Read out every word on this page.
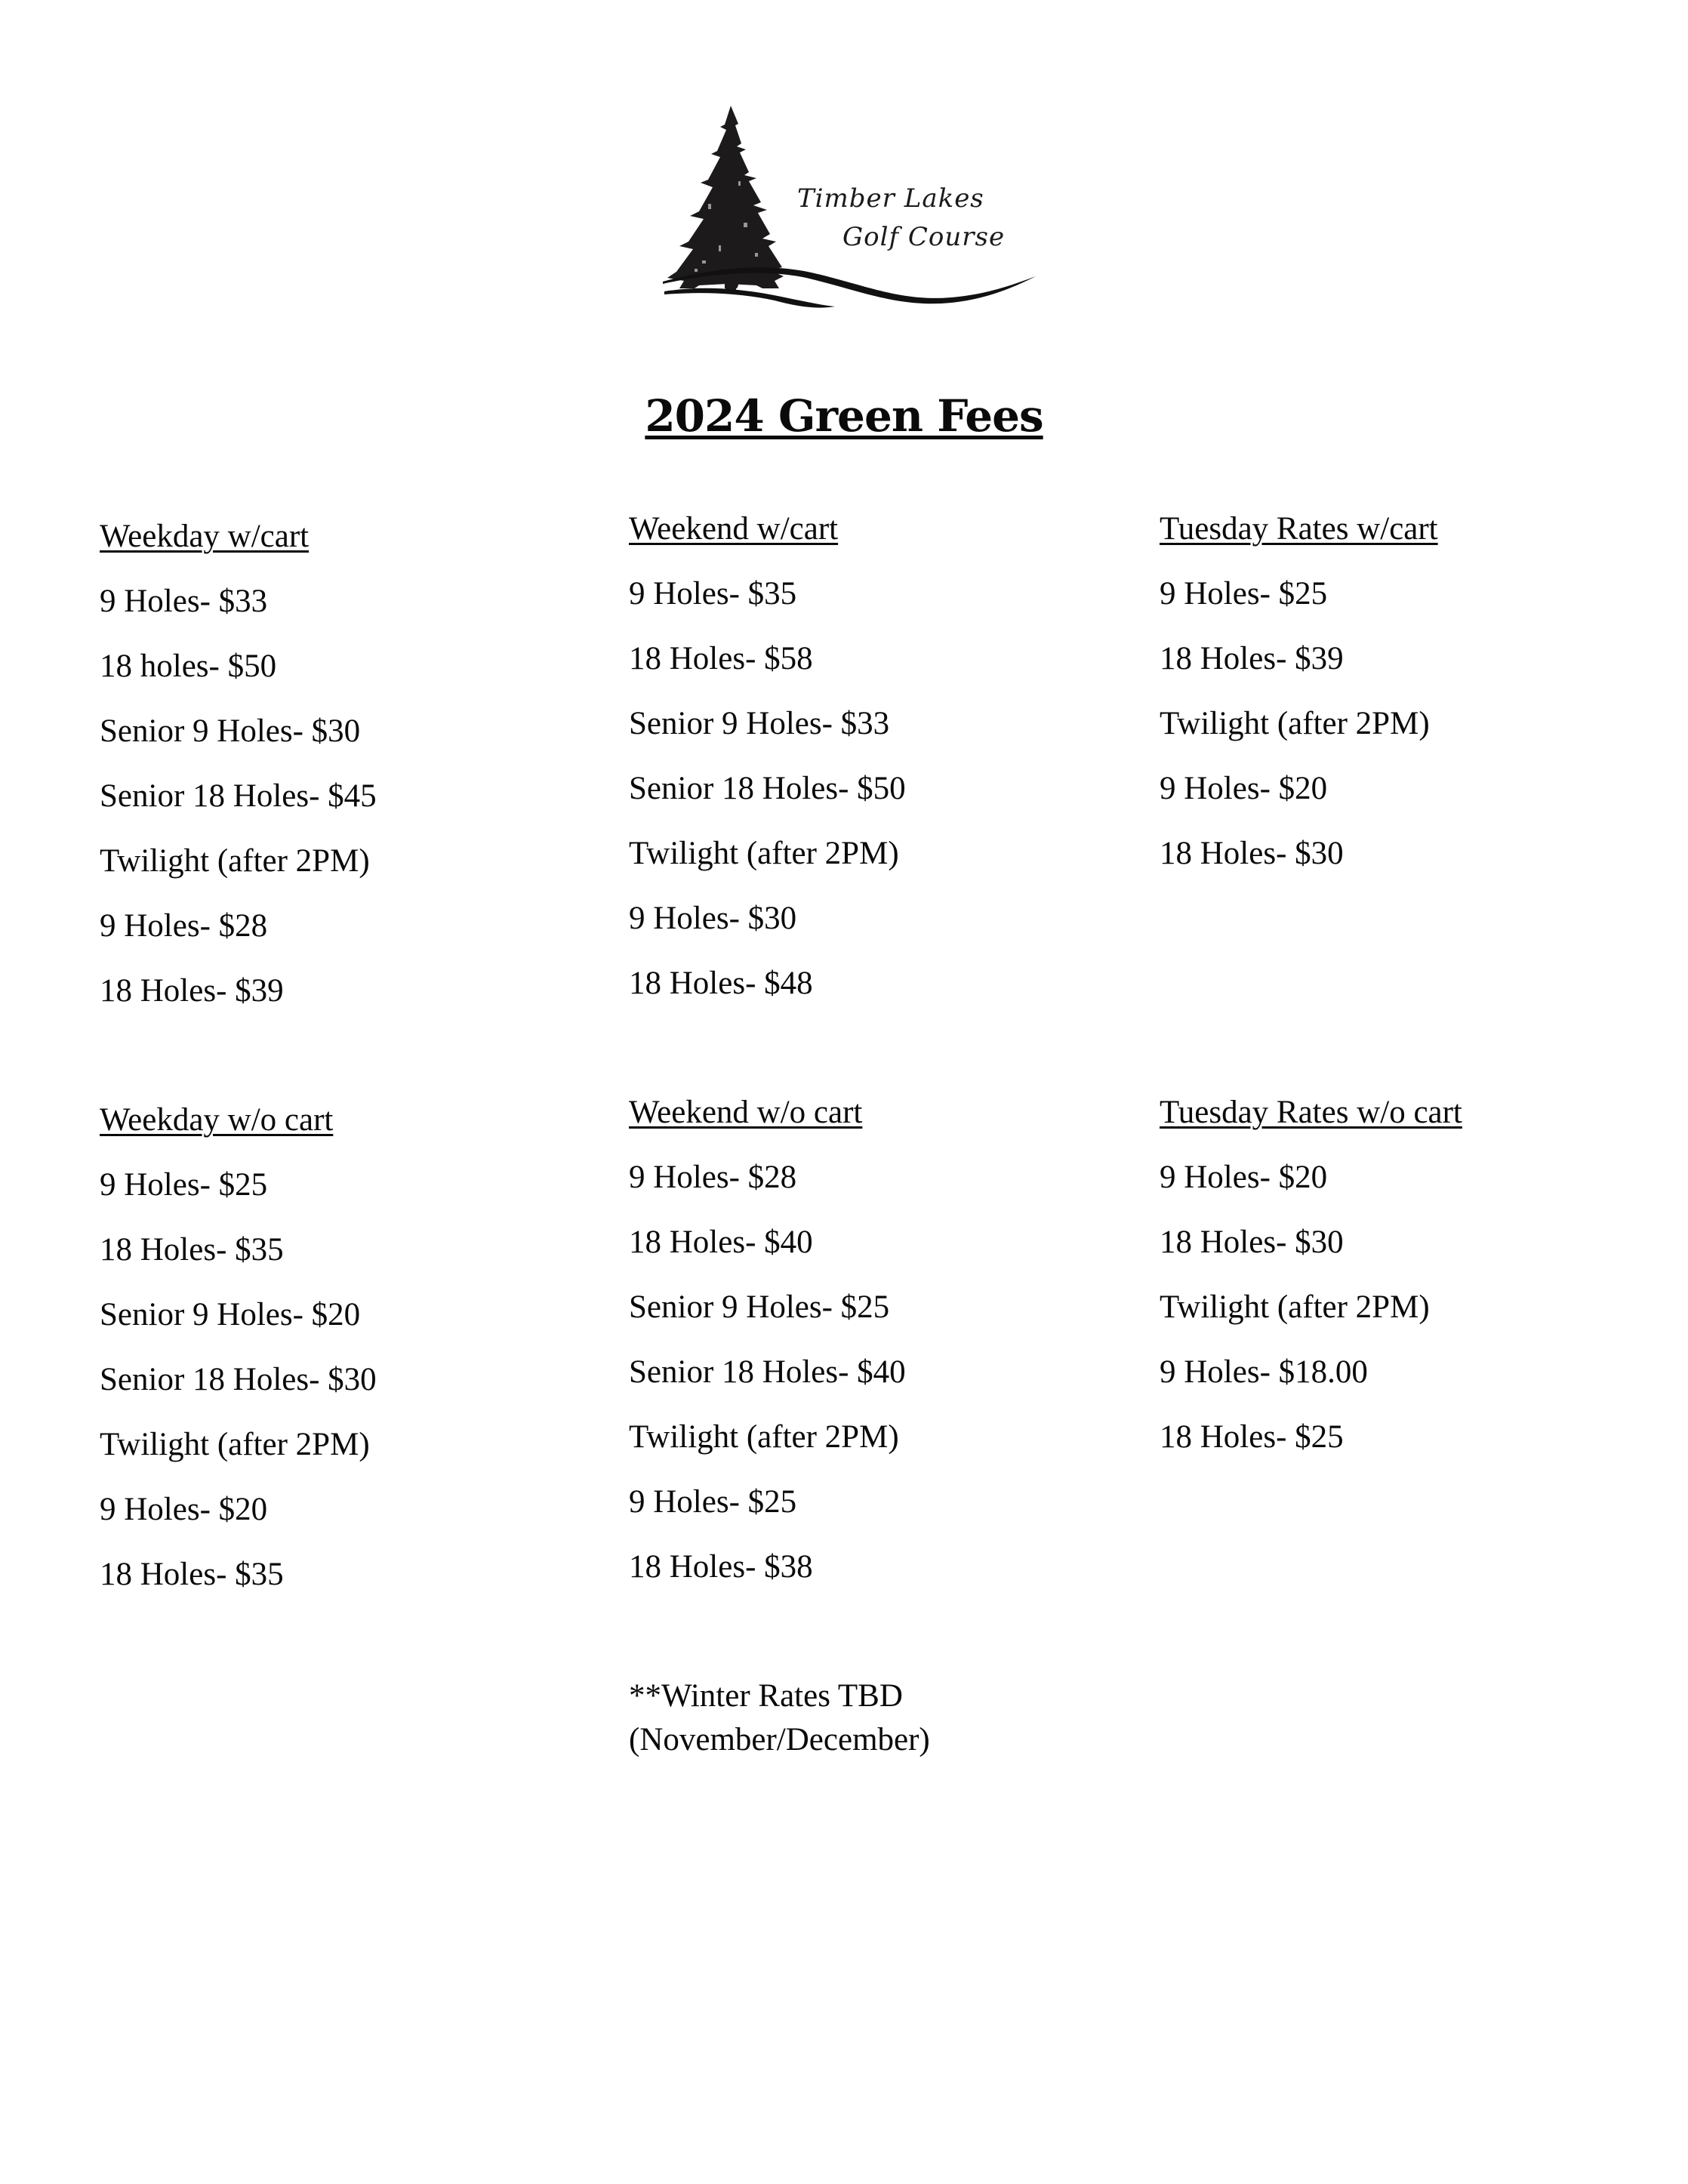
Timber Lakes
Golf Course
2024 Green Fees
Weekday w/cart
9 Holes- $33
18 holes- $50
Senior 9 Holes- $30
Senior 18 Holes- $45
Twilight (after 2PM)
9 Holes- $28
18 Holes- $39
Weekend w/cart
9 Holes- $35
18 Holes- $58
Senior 9 Holes- $33
Senior 18 Holes- $50
Twilight (after 2PM)
9 Holes- $30
18 Holes- $48
Tuesday Rates w/cart
9 Holes- $25
18 Holes- $39
Twilight (after 2PM)
9 Holes- $20
18 Holes- $30
Weekday w/o cart
9 Holes- $25
18 Holes- $35
Senior 9 Holes- $20
Senior 18 Holes- $30
Twilight (after 2PM)
9 Holes- $20
18 Holes- $35
Weekend w/o cart
9 Holes- $28
18 Holes- $40
Senior 9 Holes- $25
Senior 18 Holes- $40
Twilight (after 2PM)
9 Holes- $25
18 Holes- $38
Tuesday Rates w/o cart
9 Holes- $20
18 Holes- $30
Twilight (after 2PM)
9 Holes- $18.00
18 Holes- $25
**Winter Rates TBD
(November/December)
